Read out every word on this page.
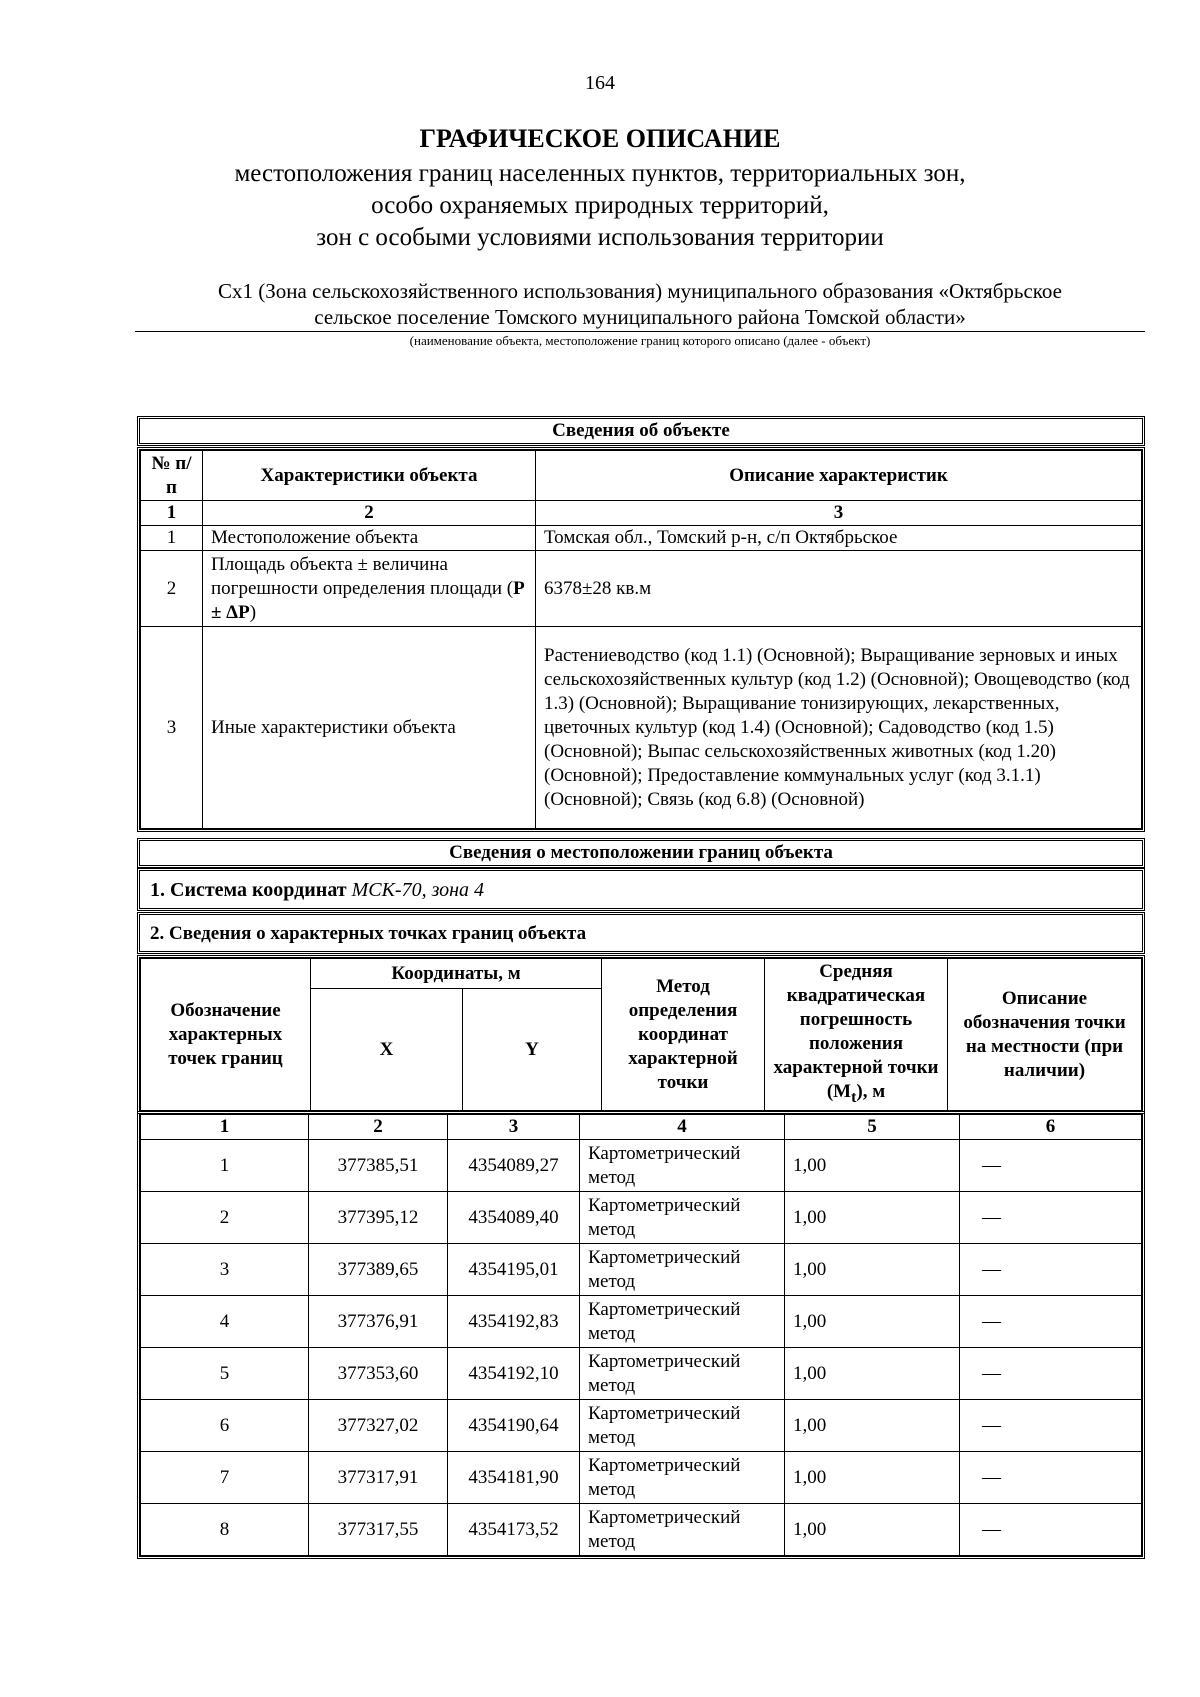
164
ГРАФИЧЕСКОЕ ОПИСАНИЕ
местоположения границ населенных пунктов, территориальных зон,
особо охраняемых природных территорий,
зон с особыми условиями использования территории
Сх1 (Зона сельскохозяйственного использования) муниципального образования «Октябрьское
сельское поселение Томского муниципального района Томской области»
(наименование объекта, местоположение границ которого описано (далее - объект)
Сведения об объекте
№ п/п	Характеристики объекта	Описание характеристик
1	2	3
1	Местоположение объекта	Томская обл., Томский р-н, с/п Октябрьское
2	Площадь объекта ± величина погрешности определения площади (Р ± ΔР)	6378±28 кв.м
3	Иные характеристики объекта	Растениеводство (код 1.1) (Основной); Выращивание зерновых и иных сельскохозяйственных культур (код 1.2) (Основной); Овощеводство (код 1.3) (Основной); Выращивание тонизирующих, лекарственных, цветочных культур (код 1.4) (Основной); Садоводство (код 1.5) (Основной); Выпас сельскохозяйственных животных (код 1.20) (Основной); Предоставление коммунальных услуг (код 3.1.1) (Основной); Связь (код 6.8) (Основной)
Сведения о местоположении границ объекта
1. Система координат МСК-70, зона 4
2. Сведения о характерных точках границ объекта
Обозначение характерных точек границ	Координаты, м		Метод определения координат характерной точки	Средняя квадратическая погрешность положения характерной точки $(M_t)$, м	Описание обозначения точки на местности (при наличии)
	X	Y			
1	2	3	4	5	6
1	377385,51	4354089,27	Картометрический метод	1,00	—
2	377395,12	4354089,40	Картометрический метод	1,00	—
3	377389,65	4354195,01	Картометрический метод	1,00	—
4	377376,91	4354192,83	Картометрический метод	1,00	—
5	377353,60	4354192,10	Картометрический метод	1,00	—
6	377327,02	4354190,64	Картометрический метод	1,00	—
7	377317,91	4354181,90	Картометрический метод	1,00	—
8	377317,55	4354173,52	Картометрический метод	1,00	—
